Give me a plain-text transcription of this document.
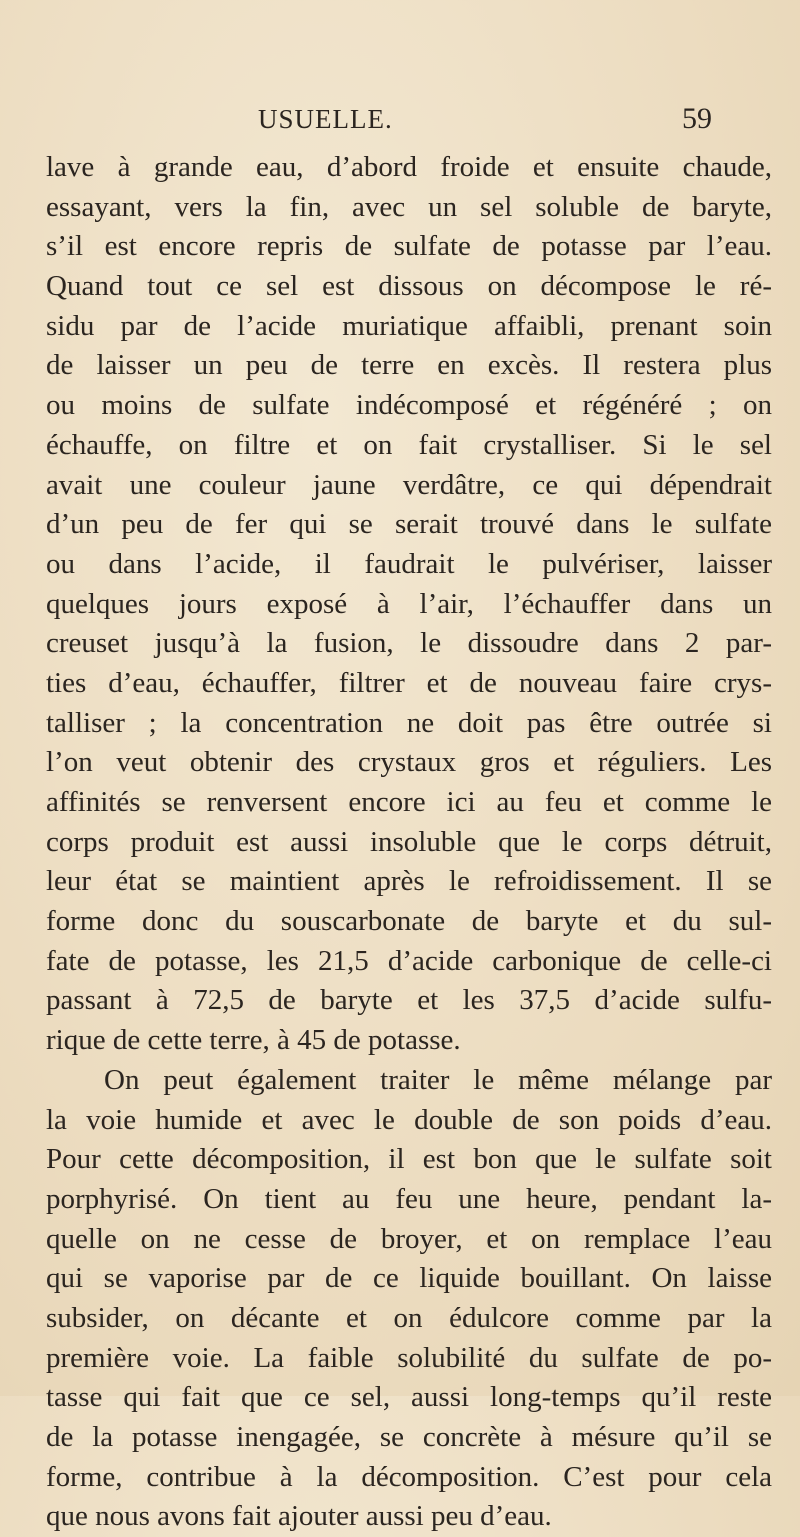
USUELLE.	59
lave à grande eau, d’abord froide et ensuite chaude,
essayant, vers la fin, avec un sel soluble de baryte,
s’il est encore repris de sulfate de potasse par l’eau.
Quand tout ce sel est dissous on décompose le ré-
sidu par de l’acide muriatique affaibli, prenant soin
de laisser un peu de terre en excès. Il restera plus
ou moins de sulfate indécomposé et régénéré ; on
échauffe, on filtre et on fait crystalliser. Si le sel
avait une couleur jaune verdâtre, ce qui dépendrait
d’un peu de fer qui se serait trouvé dans le sulfate
ou dans l’acide, il faudrait le pulvériser, laisser
quelques jours exposé à l’air, l’échauffer dans un
creuset jusqu’à la fusion, le dissoudre dans 2 par-
ties d’eau, échauffer, filtrer et de nouveau faire crys-
talliser ; la concentration ne doit pas être outrée si
l’on veut obtenir des crystaux gros et réguliers. Les
affinités se renversent encore ici au feu et comme le
corps produit est aussi insoluble que le corps détruit,
leur état se maintient après le refroidissement. Il se
forme donc du souscarbonate de baryte et du sul-
fate de potasse, les 21,5 d’acide carbonique de celle-ci
passant à 72,5 de baryte et les 37,5 d’acide sulfu-
rique de cette terre, à 45 de potasse.
On peut également traiter le même mélange par
la voie humide et avec le double de son poids d’eau.
Pour cette décomposition, il est bon que le sulfate soit
porphyrisé. On tient au feu une heure, pendant la-
quelle on ne cesse de broyer, et on remplace l’eau
qui se vaporise par de ce liquide bouillant. On laisse
subsider, on décante et on édulcore comme par la
première voie. La faible solubilité du sulfate de po-
tasse qui fait que ce sel, aussi long-temps qu’il reste
de la potasse inengagée, se concrète à mésure qu’il se
forme, contribue à la décomposition. C’est pour cela
que nous avons fait ajouter aussi peu d’eau.
